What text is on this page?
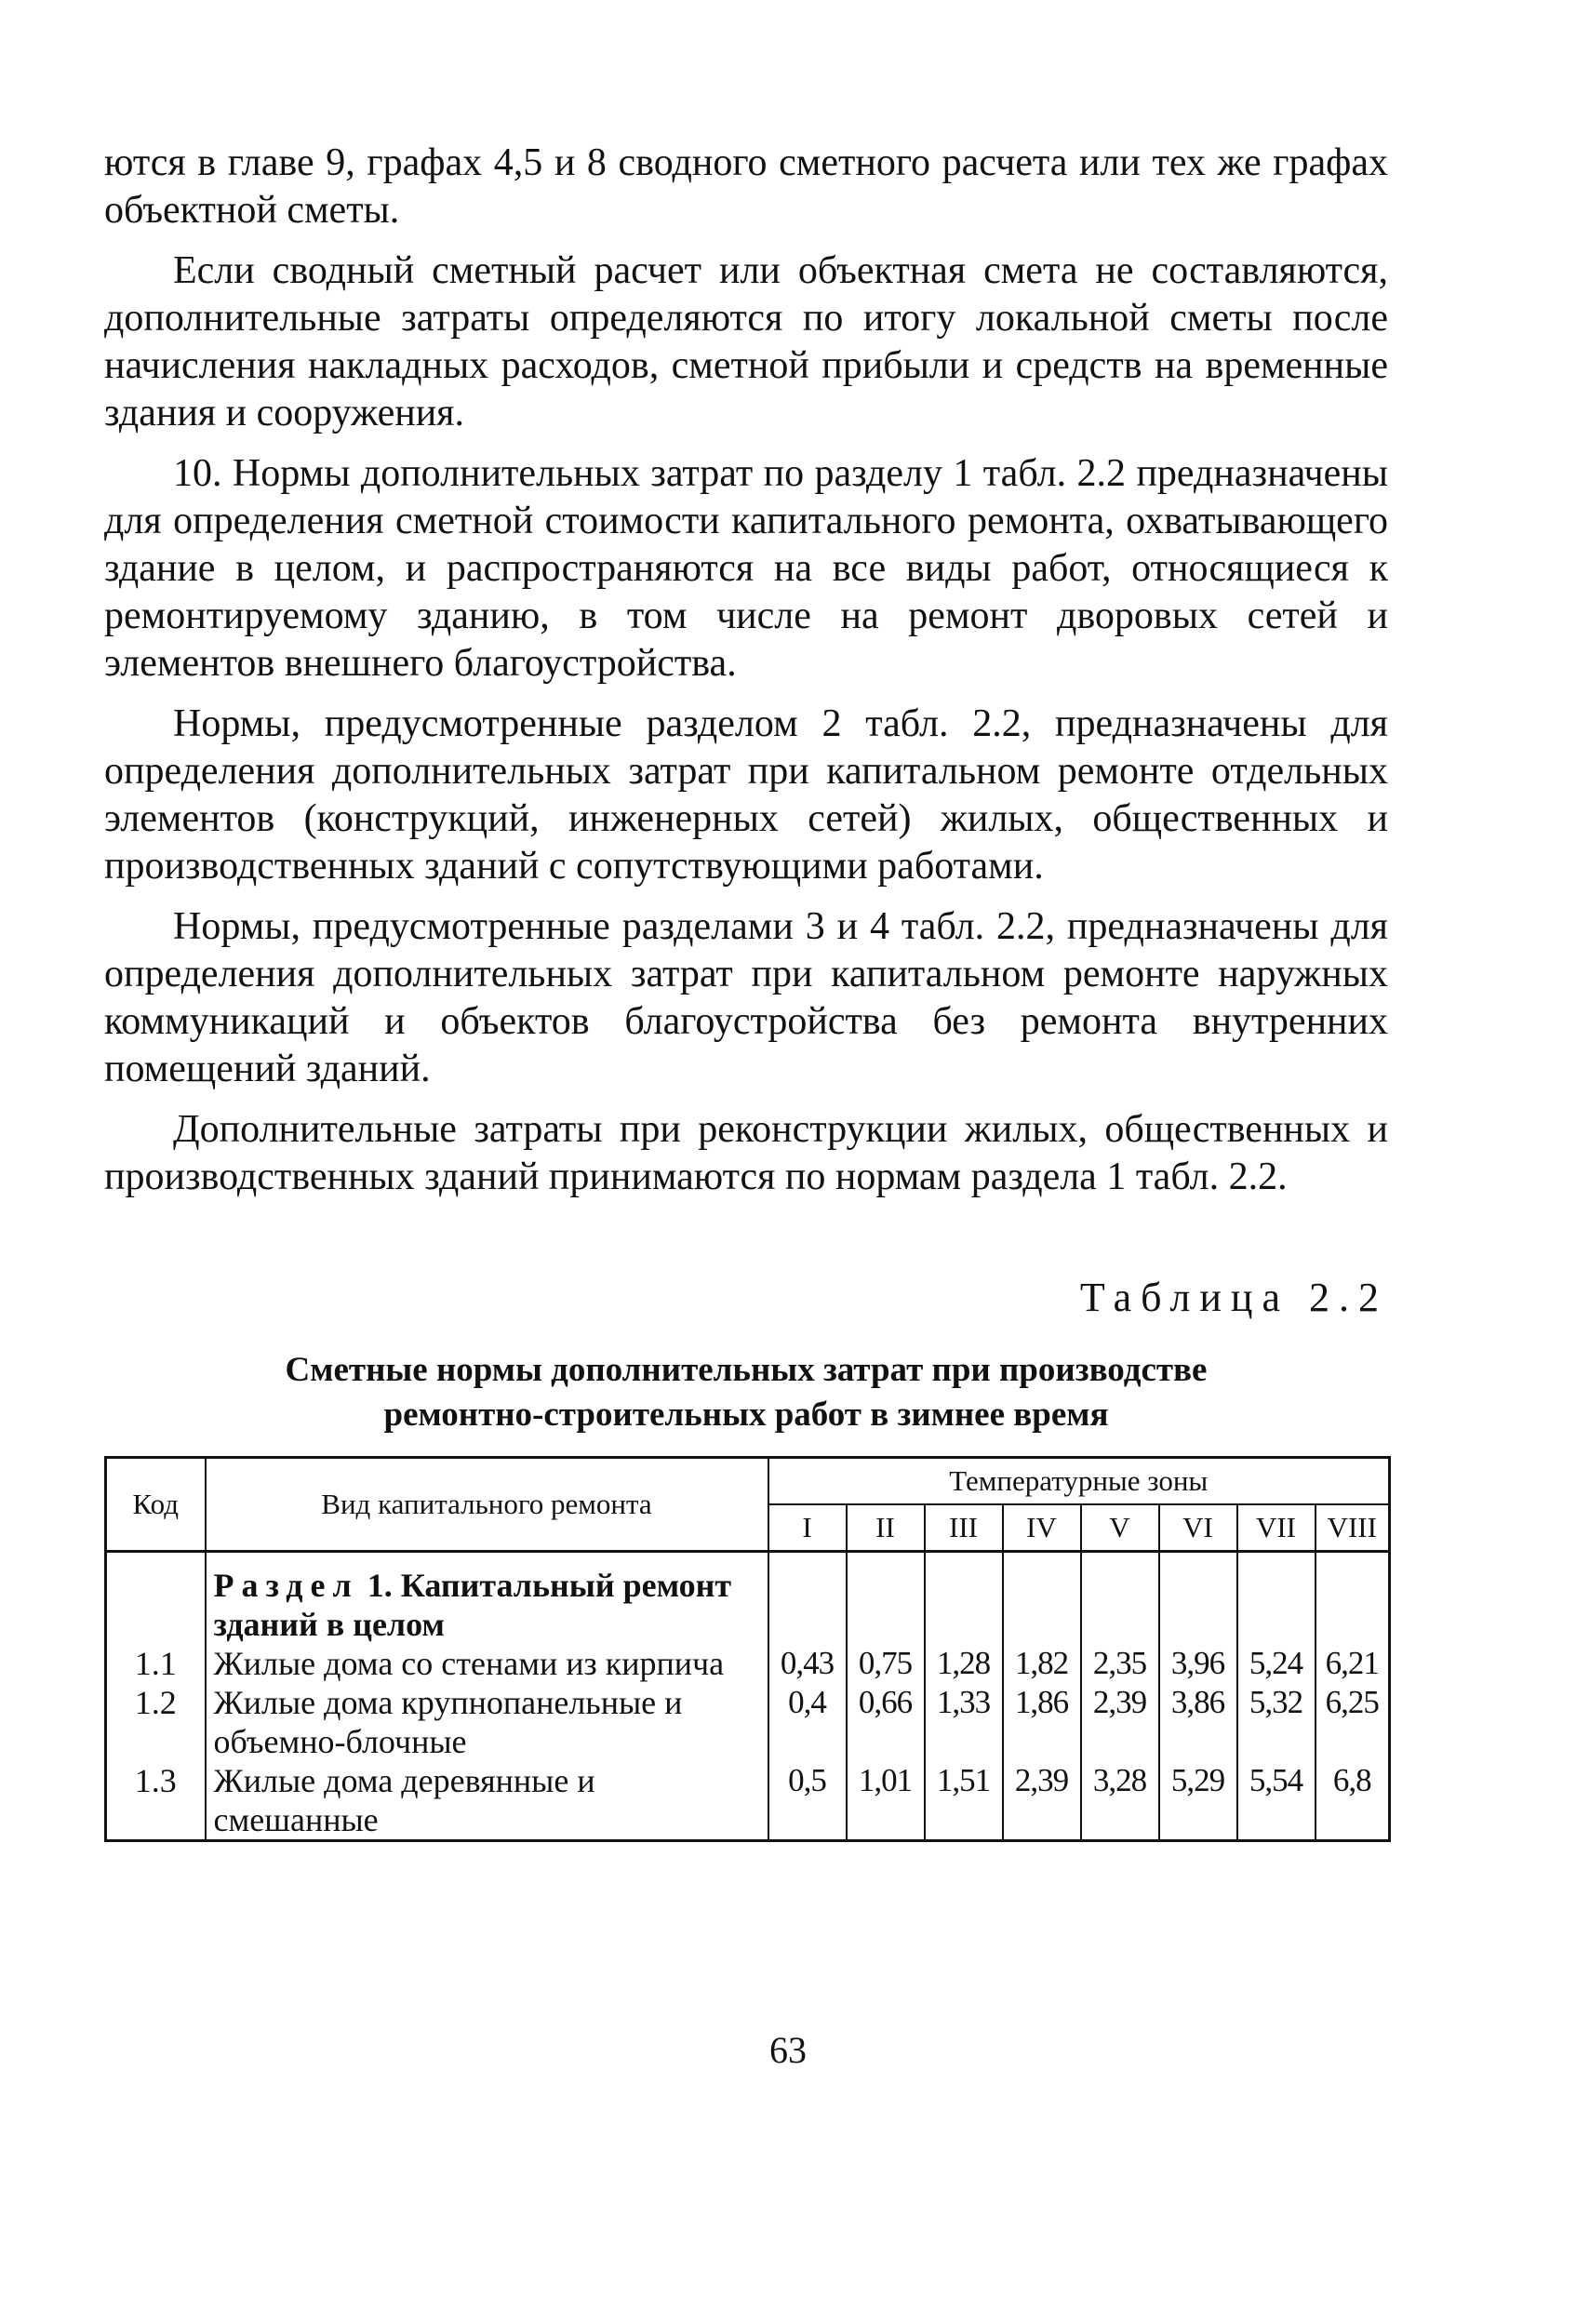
ются в главе 9, графах 4,5 и 8 сводного сметного расчета или тех же графах объектной сметы.

Если сводный сметный расчет или объектная смета не составляются, дополнительные затраты определяются по итогу локальной сметы после начисления накладных расходов, сметной прибыли и средств на временные здания и сооружения.

10. Нормы дополнительных затрат по разделу 1 табл. 2.2 предназначены для определения сметной стоимости капитального ремонта, охватывающего здание в целом, и распространяются на все виды работ, относящиеся к ремонтируемому зданию, в том числе на ремонт дворовых сетей и элементов внешнего благоустройства.

Нормы, предусмотренные разделом 2 табл. 2.2, предназначены для определения дополнительных затрат при капитальном ремонте отдельных элементов (конструкций, инженерных сетей) жилых, общественных и производственных зданий с сопутствующими работами.

Нормы, предусмотренные разделами 3 и 4 табл. 2.2, предназначены для определения дополнительных затрат при капитальном ремонте наружных коммуникаций и объектов благоустройства без ремонта внутренних помещений зданий.

Дополнительные затраты при реконструкции жилых, общественных и производственных зданий принимаются по нормам раздела 1 табл. 2.2.

Таблица 2.2
Сметные нормы дополнительных затрат при производстве
ремонтно-строительных работ в зимнее время
Код	Вид капитального ремонта	Температурные зоны							
		I	II	III	IV	V	VI	VII	VIII
	Раздел 1. Капитальный ремонт зданий в целом								
1.1	Жилые дома со стенами из кирпича	0,43	0,75	1,28	1,82	2,35	3,96	5,24	6,21
1.2	Жилые дома крупнопанельные и объемно-блочные	0,4	0,66	1,33	1,86	2,39	3,86	5,32	6,25
1.3	Жилые дома деревянные и смешанные	0,5	1,01	1,51	2,39	3,28	5,29	5,54	6,8
63
